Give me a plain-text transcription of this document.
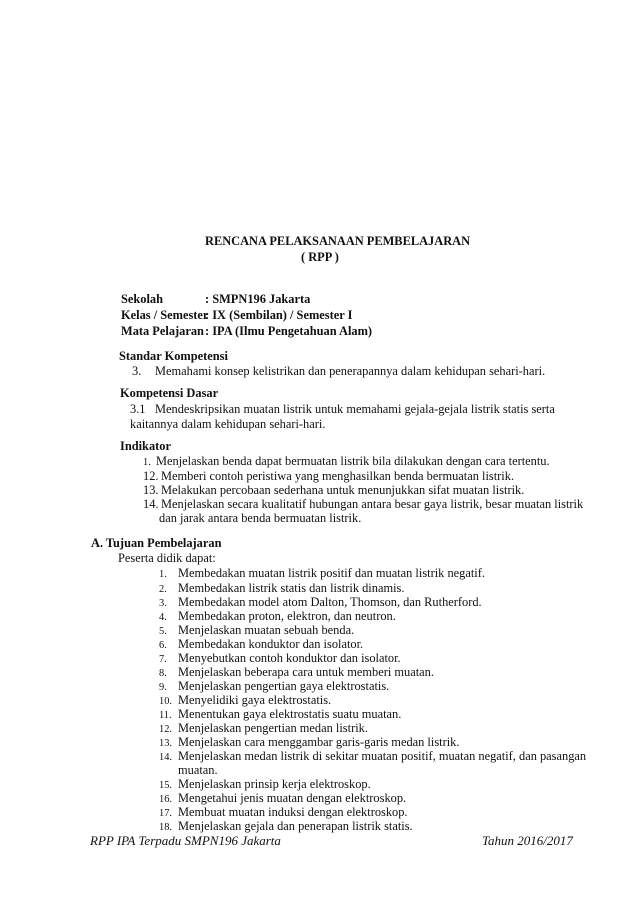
RENCANA PELAKSANAAN PEMBELAJARAN
( RPP )
Sekolah	: SMPN196 Jakarta
Kelas / Semester: IX (Sembilan) / Semester I
Mata Pelajaran: IPA (Ilmu Pengetahuan Alam)
Standar Kompetensi
3. Memahami konsep kelistrikan dan penerapannya dalam kehidupan sehari-hari.
Kompetensi Dasar
3.1 Mendeskripsikan muatan listrik untuk memahami gejala-gejala listrik statis serta
kaitannya dalam kehidupan sehari-hari.
Indikator
1. Menjelaskan benda dapat bermuatan listrik bila dilakukan dengan cara tertentu.
12. Memberi contoh peristiwa yang menghasilkan benda bermuatan listrik.
13. Melakukan percobaan sederhana untuk menunjukkan sifat muatan listrik.
14. Menjelaskan secara kualitatif hubungan antara besar gaya listrik, besar muatan listrik
dan jarak antara benda bermuatan listrik.
A. Tujuan Pembelajaran
Peserta didik dapat:
1. Membedakan muatan listrik positif dan muatan listrik negatif.
2. Membedakan listrik statis dan listrik dinamis.
3. Membedakan model atom Dalton, Thomson, dan Rutherford.
4. Membedakan proton, elektron, dan neutron.
5. Menjelaskan muatan sebuah benda.
6. Membedakan konduktor dan isolator.
7. Menyebutkan contoh konduktor dan isolator.
8. Menjelaskan beberapa cara untuk memberi muatan.
9. Menjelaskan pengertian gaya elektrostatis.
10. Menyelidiki gaya elektrostatis.
11. Menentukan gaya elektrostatis suatu muatan.
12. Menjelaskan pengertian medan listrik.
13. Menjelaskan cara menggambar garis-garis medan listrik.
14. Menjelaskan medan listrik di sekitar muatan positif, muatan negatif, dan pasangan
muatan.
15. Menjelaskan prinsip kerja elektroskop.
16. Mengetahui jenis muatan dengan elektroskop.
17. Membuat muatan induksi dengan elektroskop.
18. Menjelaskan gejala dan penerapan listrik statis.
RPP IPA Terpadu SMPN196 Jakarta	Tahun 2016/2017
